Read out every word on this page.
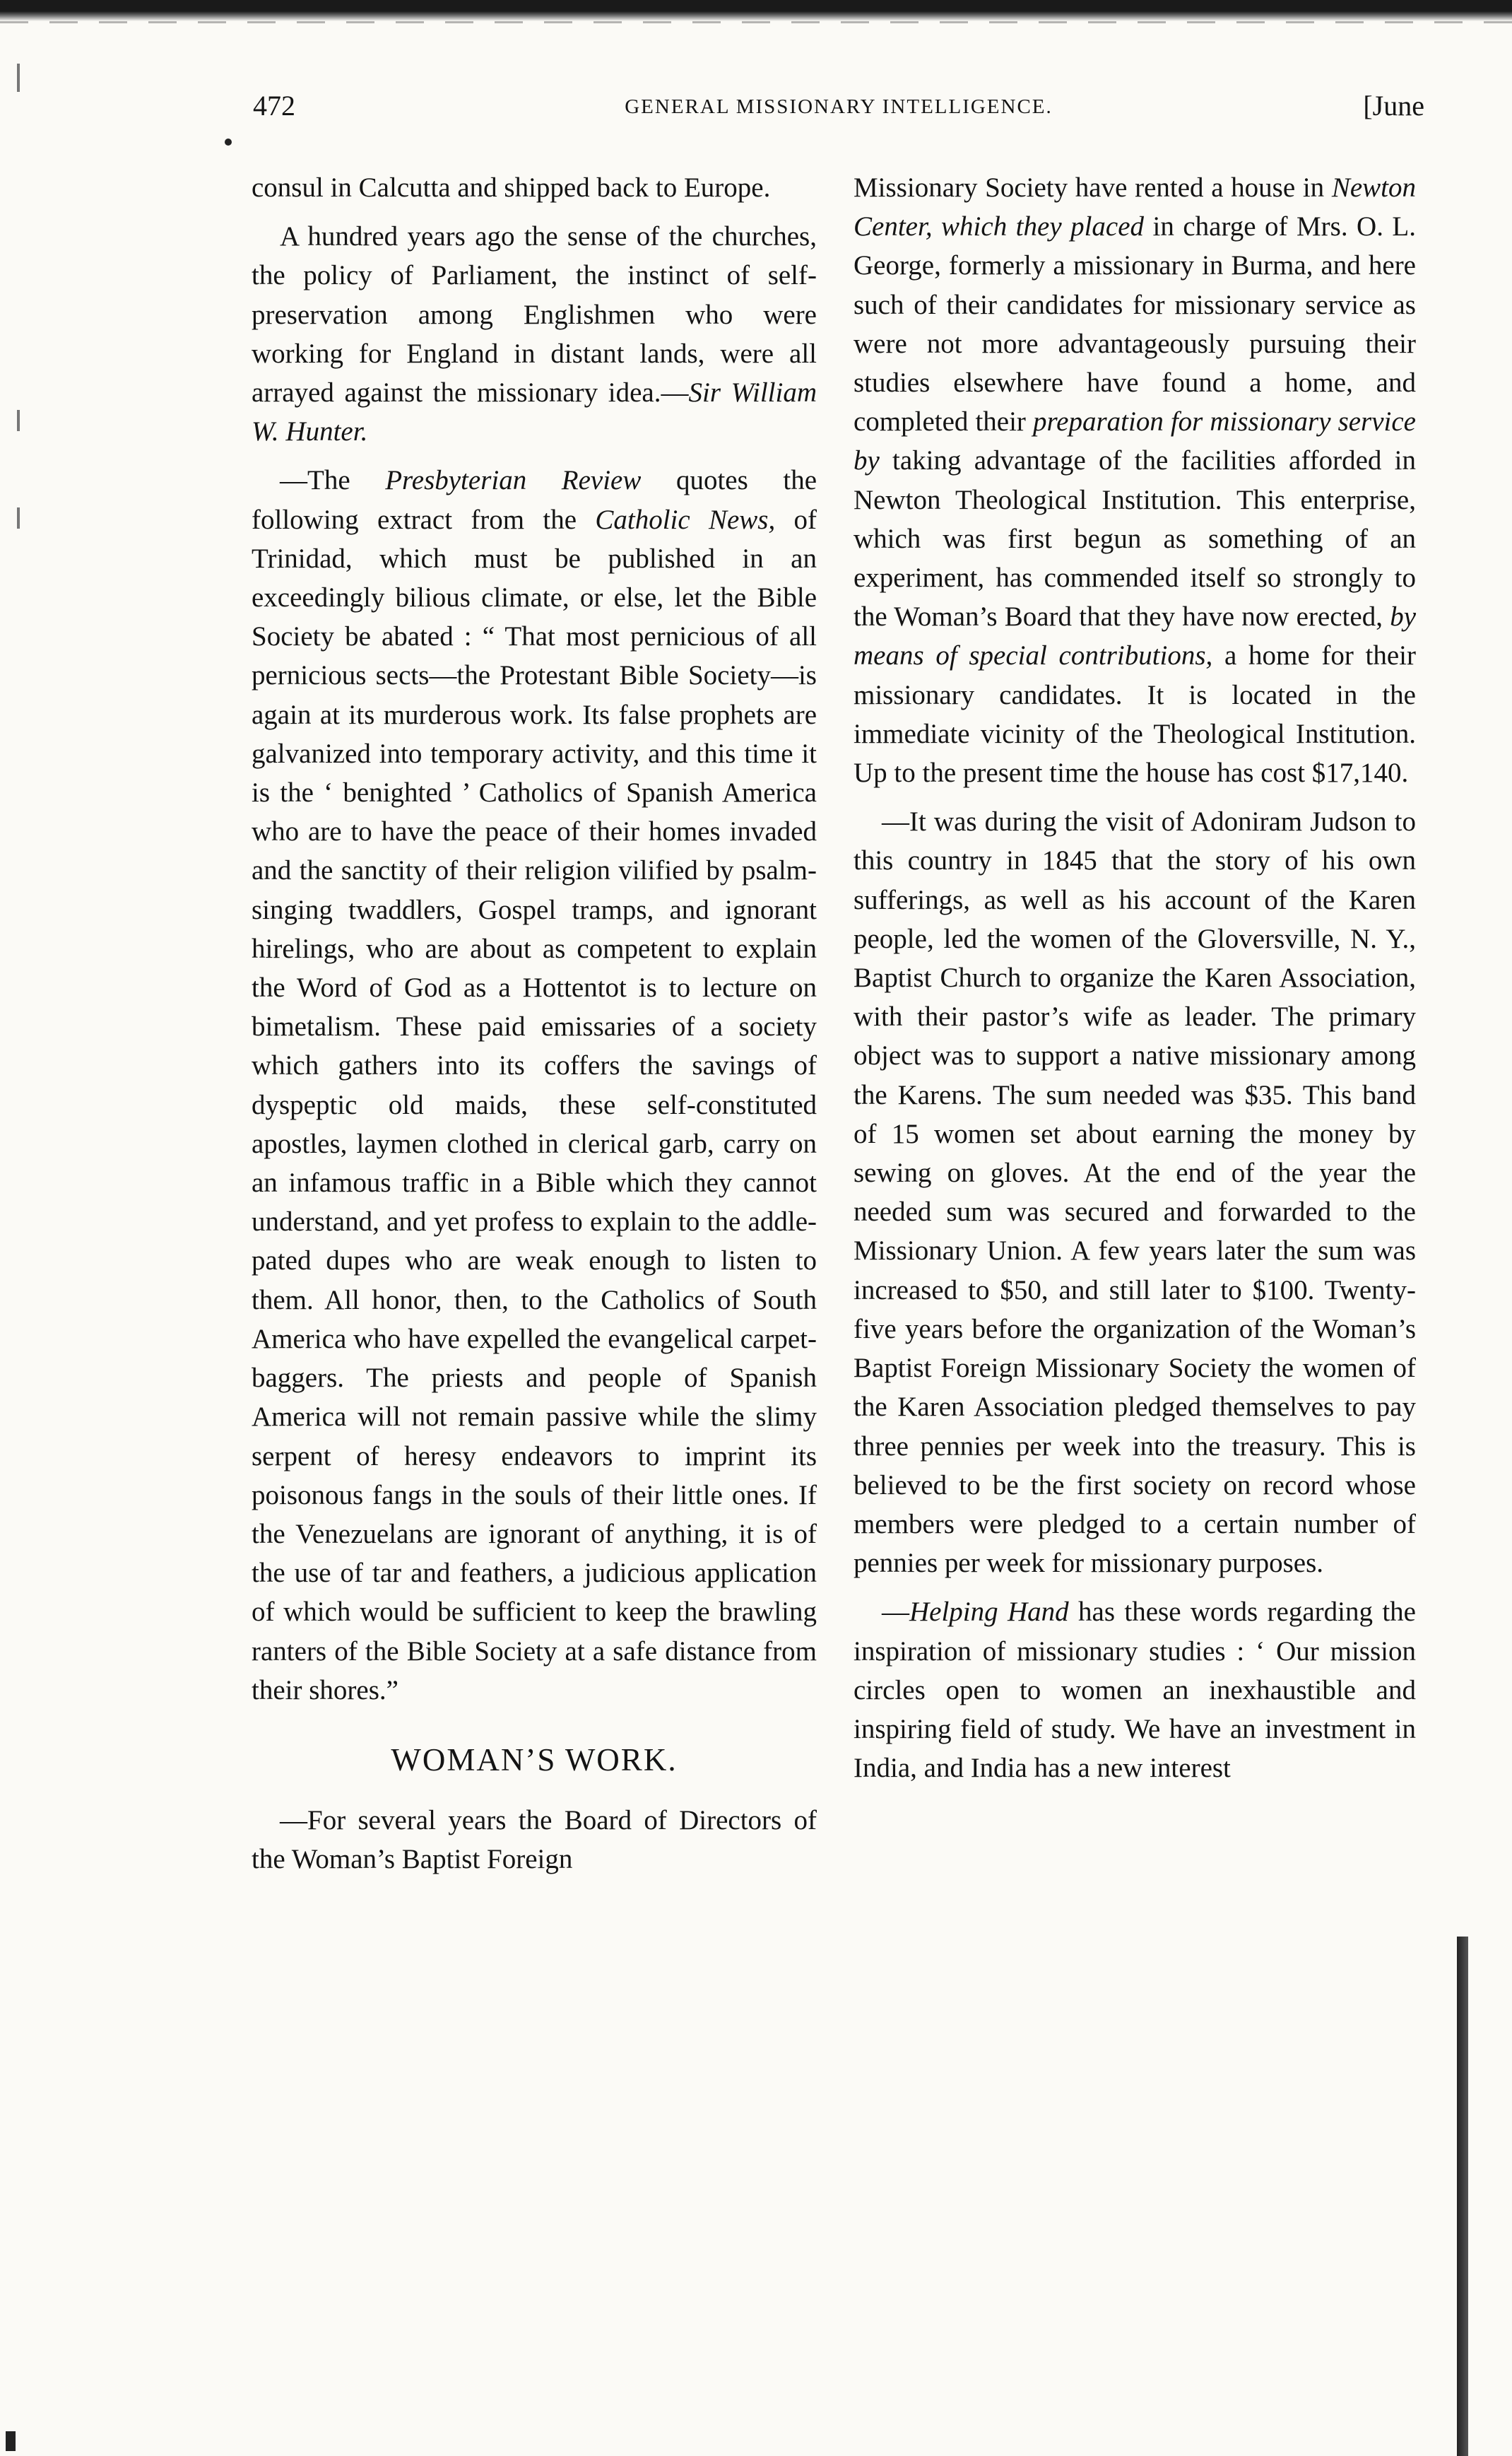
472	GENERAL MISSIONARY INTELLIGENCE.	[June

consul in Calcutta and shipped back to Europe.

A hundred years ago the sense of the churches, the policy of Parliament, the instinct of self-preservation among Englishmen who were working for England in distant lands, were all arrayed against the missionary idea.—Sir William W. Hunter.

—The Presbyterian Review quotes the following extract from the Catholic News, of Trinidad, which must be published in an exceedingly bilious climate, or else, let the Bible Society be abated : “ That most pernicious of all pernicious sects—the Protestant Bible Society—is again at its murderous work. Its false prophets are galvanized into temporary activity, and this time it is the ‘ benighted ’ Catholics of Spanish America who are to have the peace of their homes invaded and the sanctity of their religion vilified by psalm-singing twaddlers, Gospel tramps, and ignorant hirelings, who are about as competent to explain the Word of God as a Hottentot is to lecture on bimetalism. These paid emissaries of a society which gathers into its coffers the savings of dyspeptic old maids, these self-constituted apostles, laymen clothed in clerical garb, carry on an infamous traffic in a Bible which they cannot understand, and yet profess to explain to the addle-pated dupes who are weak enough to listen to them. All honor, then, to the Catholics of South America who have expelled the evangelical carpet-baggers. The priests and people of Spanish America will not remain passive while the slimy serpent of heresy endeavors to imprint its poisonous fangs in the souls of their little ones. If the Venezuelans are ignorant of anything, it is of the use of tar and feathers, a judicious application of which would be sufficient to keep the brawling ranters of the Bible Society at a safe distance from their shores.”

WOMAN’S WORK.

—For several years the Board of Directors of the Woman’s Baptist Foreign

Missionary Society have rented a house in Newton Center, which they placed in charge of Mrs. O. L. George, formerly a missionary in Burma, and here such of their candidates for missionary service as were not more advantageously pursuing their studies elsewhere have found a home, and completed their preparation for missionary service by taking advantage of the facilities afforded in Newton Theological Institution. This enterprise, which was first begun as something of an experiment, has commended itself so strongly to the Woman’s Board that they have now erected, by means of special contributions, a home for their missionary candidates. It is located in the immediate vicinity of the Theological Institution. Up to the present time the house has cost $17,140.

—It was during the visit of Adoniram Judson to this country in 1845 that the story of his own sufferings, as well as his account of the Karen people, led the women of the Gloversville, N. Y., Baptist Church to organize the Karen Association, with their pastor’s wife as leader. The primary object was to support a native missionary among the Karens. The sum needed was $35. This band of 15 women set about earning the money by sewing on gloves. At the end of the year the needed sum was secured and forwarded to the Missionary Union. A few years later the sum was increased to $50, and still later to $100. Twenty-five years before the organization of the Woman’s Baptist Foreign Missionary Society the women of the Karen Association pledged themselves to pay three pennies per week into the treasury. This is believed to be the first society on record whose members were pledged to a certain number of pennies per week for missionary purposes.

—Helping Hand has these words regarding the inspiration of missionary studies : ‘ Our mission circles open to women an inexhaustible and inspiring field of study. We have an investment in India, and India has a new interest
